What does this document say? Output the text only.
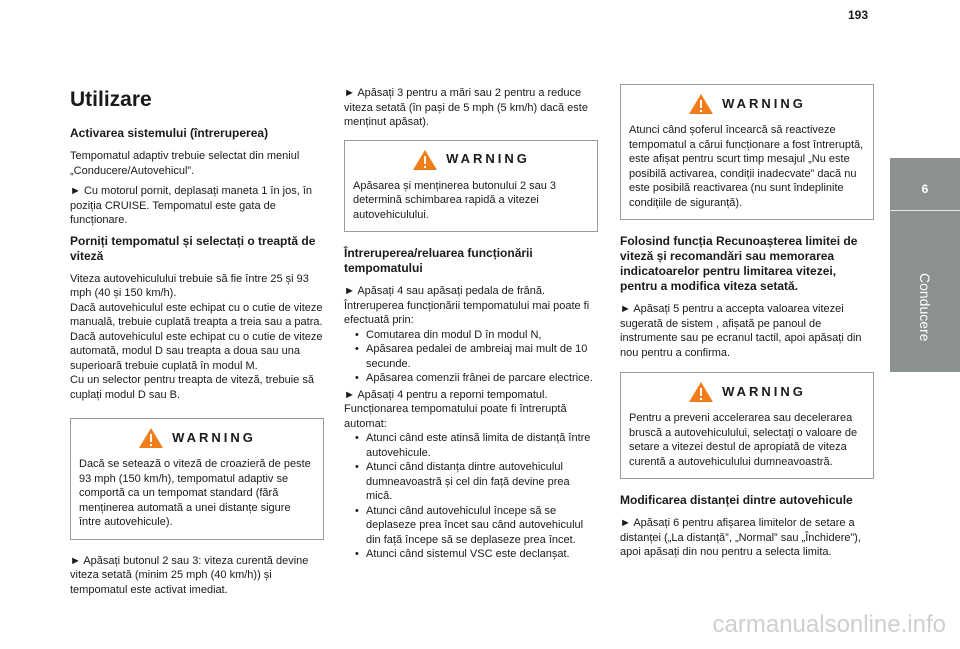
193
Utilizare
Activarea sistemului (întreruperea)

Tempomatul adaptiv trebuie selectat din meniul „Conducere/Autovehicul”.

► Cu motorul pornit, deplasați maneta 1 în jos, în poziția CRUISE. Tempomatul este gata de funcționare.

Porniți tempomatul și selectați o treaptă de viteză

Viteza autovehiculului trebuie să fie între 25 și 93 mph (40 și 150 km/h).

Dacă autovehiculul este echipat cu o cutie de viteze manuală, trebuie cuplată treapta a treia sau a patra.

Dacă autovehiculul este echipat cu o cutie de viteze automată, modul D sau treapta a doua sau una superioară trebuie cuplată în modul M.

Cu un selector pentru treapta de viteză, trebuie să cuplați modul D sau B.

WARNING

Dacă se setează o viteză de croazieră de peste 93 mph (150 km/h), tempomatul adaptiv se comportă ca un tempomat standard (fără menținerea automată a unei distanțe sigure între autovehicule).

► Apăsați butonul 2 sau 3: viteza curentă devine viteza setată (minim 25 mph (40 km/h)) și tempomatul este activat imediat.

► Apăsați 3 pentru a mări sau 2 pentru a reduce viteza setată (în pași de 5 mph (5 km/h) dacă este menținut apăsat).

WARNING

Apăsarea și menținerea butonului 2 sau 3 determină schimbarea rapidă a vitezei autovehiculului.

Întreruperea/reluarea funcționării tempomatului

► Apăsați 4 sau apăsați pedala de frână.

Întreruperea funcționării tempomatului mai poate fi efectuată prin:

• Comutarea din modul D în modul N,
• Apăsarea pedalei de ambreiaj mai mult de 10 secunde.
• Apăsarea comenzii frânei de parcare electrice.

► Apăsați 4 pentru a reporni tempomatul.

Funcționarea tempomatului poate fi întreruptă automat:

• Atunci când este atinsă limita de distanță între autovehicule.
• Atunci când distanța dintre autovehiculul dumneavoastră și cel din față devine prea mică.
• Atunci când autovehiculul începe să se deplaseze prea încet sau când autovehiculul din față începe să se deplaseze prea încet.
• Atunci când sistemul VSC este declanșat.
WARNING

Atunci când șoferul încearcă să reactiveze tempomatul a cărui funcționare a fost întreruptă, este afișat pentru scurt timp mesajul „Nu este posibilă activarea, condiții inadecvate” dacă nu este posibilă reactivarea (nu sunt îndeplinite condițiile de siguranță).

Folosind funcția Recunoașterea limitei de viteză și recomandări sau memorarea indicatoarelor pentru limitarea vitezei, pentru a modifica viteza setată.

► Apăsați 5 pentru a accepta valoarea vitezei sugerată de sistem , afișată pe panoul de instrumente sau pe ecranul tactil, apoi apăsați din nou pentru a confirma.

WARNING

Pentru a preveni accelerarea sau decelerarea bruscă a autovehiculului, selectați o valoare de setare a vitezei destul de apropiată de viteza curentă a autovehiculului dumneavoastră.

Modificarea distanței dintre autovehicule

► Apăsați 6 pentru afișarea limitelor de setare a distanței („La distanță”, „Normal” sau „Închidere”), apoi apăsați din nou pentru a selecta limita.

6
Conducere
carmanualsonline.info
